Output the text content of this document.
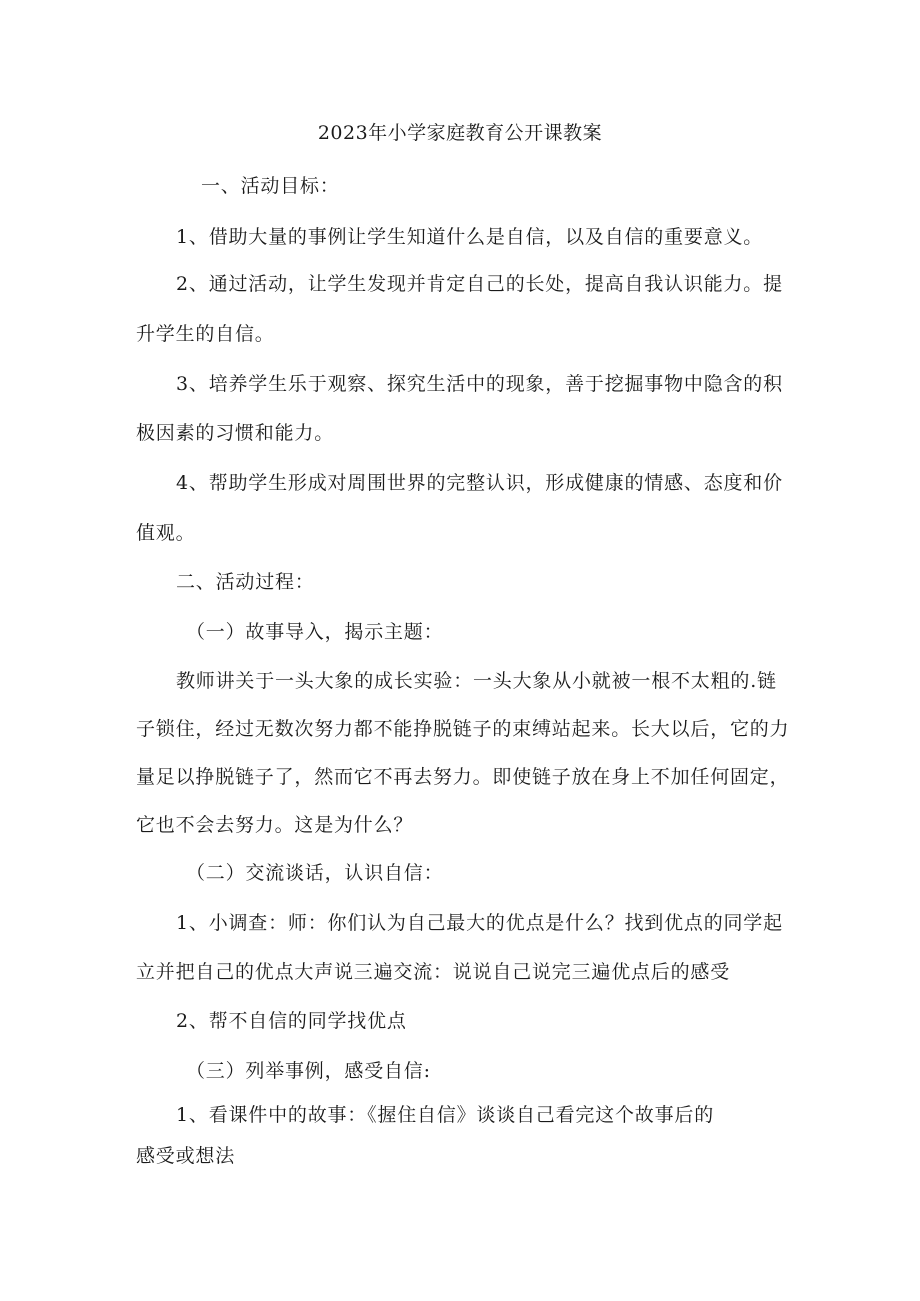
2023年小学家庭教育公开课教案
一、活动目标：
1、借助大量的事例让学生知道什么是自信，以及自信的重要意义。
2、通过活动，让学生发现并肯定自己的长处，提高自我认识能力。提
升学生的自信。
3、培养学生乐于观察、探究生活中的现象，善于挖掘事物中隐含的积
极因素的习惯和能力。
4、帮助学生形成对周围世界的完整认识，形成健康的情感、态度和价
值观。
二、活动过程：
（一）故事导入，揭示主题：
教师讲关于一头大象的成长实验：一头大象从小就被一根不太粗的.链
子锁住，经过无数次努力都不能挣脱链子的束缚站起来。长大以后，它的力
量足以挣脱链子了，然而它不再去努力。即使链子放在身上不加任何固定，
它也不会去努力。这是为什么？
（二）交流谈话，认识自信：
1、小调查：师：你们认为自己最大的优点是什么？找到优点的同学起
立并把自己的优点大声说三遍交流：说说自己说完三遍优点后的感受
2、帮不自信的同学找优点
（三）列举事例，感受自信:
1、看课件中的故事：《握住自信》谈谈自己看完这个故事后的
感受或想法
